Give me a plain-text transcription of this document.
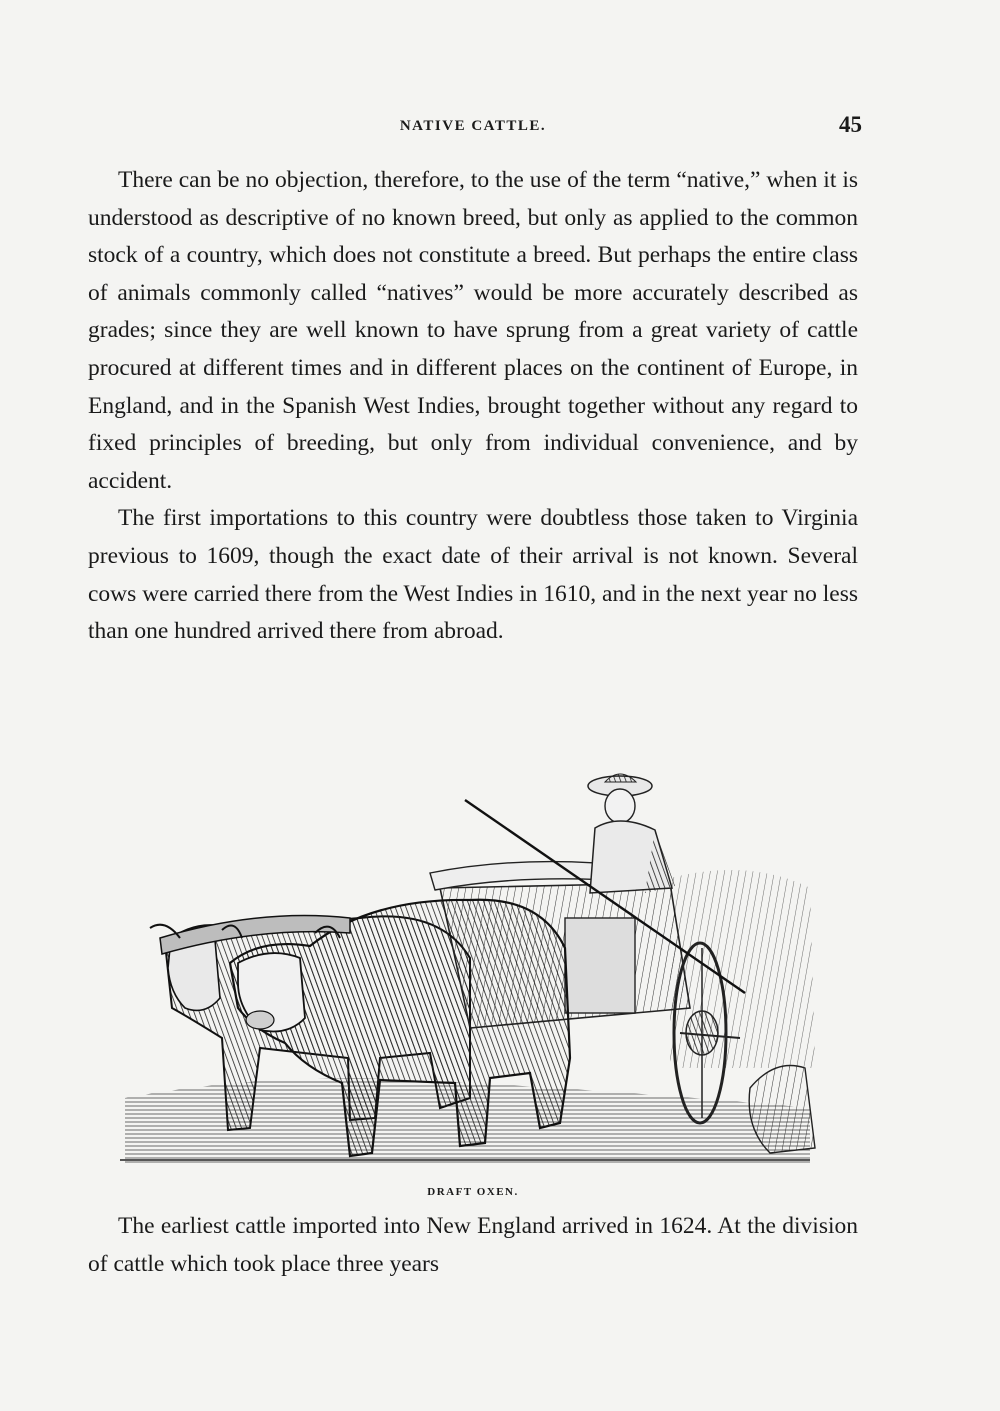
NATIVE CATTLE.	45

There can be no objection, therefore, to the use of the term “native,” when it is understood as descriptive of no known breed, but only as applied to the common stock of a country, which does not constitute a breed. But perhaps the entire class of animals commonly called “natives” would be more accurately described as grades; since they are well known to have sprung from a great variety of cattle procured at different times and in different places on the continent of Europe, in England, and in the Spanish West Indies, brought together without any regard to fixed principles of breeding, but only from individual convenience, and by accident.

The first importations to this country were doubtless those taken to Virginia previous to 1609, though the exact date of their arrival is not known. Several cows were carried there from the West Indies in 1610, and in the next year no less than one hundred arrived there from abroad.

DRAFT OXEN.

The earliest cattle imported into New England arrived in 1624. At the division of cattle which took place three years
